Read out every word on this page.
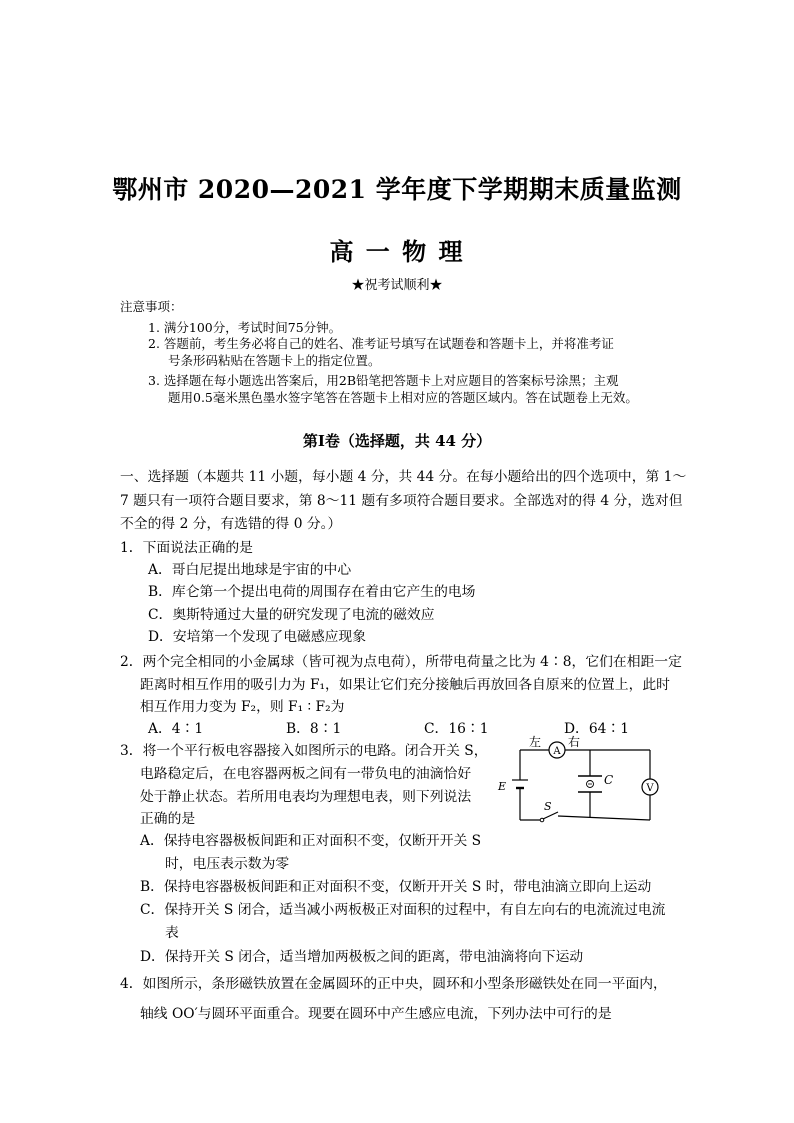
鄂州市 2020—2021 学年度下学期期末质量监测
高 一 物 理
★祝考试顺利★
注意事项：
1. 满分100分，考试时间75分钟。
2. 答题前，考生务必将自己的姓名、准考证号填写在试题卷和答题卡上，并将准考证
号条形码粘贴在答题卡上的指定位置。
3. 选择题在每小题选出答案后，用2B铅笔把答题卡上对应题目的答案标号涂黑；主观
题用0.5毫米黑色墨水签字笔答在答题卡上相对应的答题区域内。答在试题卷上无效。
第Ⅰ卷（选择题，共 44 分）
一、选择题（本题共 11 小题，每小题 4 分，共 44 分。在每小题给出的四个选项中，第 1～
7 题只有一项符合题目要求，第 8～11 题有多项符合题目要求。全部选对的得 4 分，选对但
不全的得 2 分，有选错的得 0 分。）
1．下面说法正确的是
A．哥白尼提出地球是宇宙的中心
B．库仑第一个提出电荷的周围存在着由它产生的电场
C．奥斯特通过大量的研究发现了电流的磁效应
D．安培第一个发现了电磁感应现象
2．两个完全相同的小金属球（皆可视为点电荷），所带电荷量之比为 4∶8，它们在相距一定
距离时相互作用的吸引力为 F₁，如果让它们充分接触后再放回各自原来的位置上，此时
相互作用力变为 F₂，则 F₁ ∶ F₂为
A．4∶1	B．8∶1	C．16∶1	D．64∶1
3．将一个平行板电容器接入如图所示的电路。闭合开关 S，
电路稳定后，在电容器两板之间有一带负电的油滴恰好
处于静止状态。若所用电表均为理想电表，则下列说法
正确的是
A．保持电容器极板间距和正对面积不变，仅断开开关 S
时，电压表示数为零
B．保持电容器极板间距和正对面积不变，仅断开开关 S 时，带电油滴立即向上运动
C．保持开关 S 闭合，适当减小两板极正对面积的过程中，有自左向右的电流流过电流
表
D．保持开关 S 闭合，适当增加两极板之间的距离，带电油滴将向下运动
左 右
A
V
C
E
S
4．如图所示，条形磁铁放置在金属圆环的正中央，圆环和小型条形磁铁处在同一平面内，
轴线 OO′与圆环平面重合。现要在圆环中产生感应电流，下列办法中可行的是
